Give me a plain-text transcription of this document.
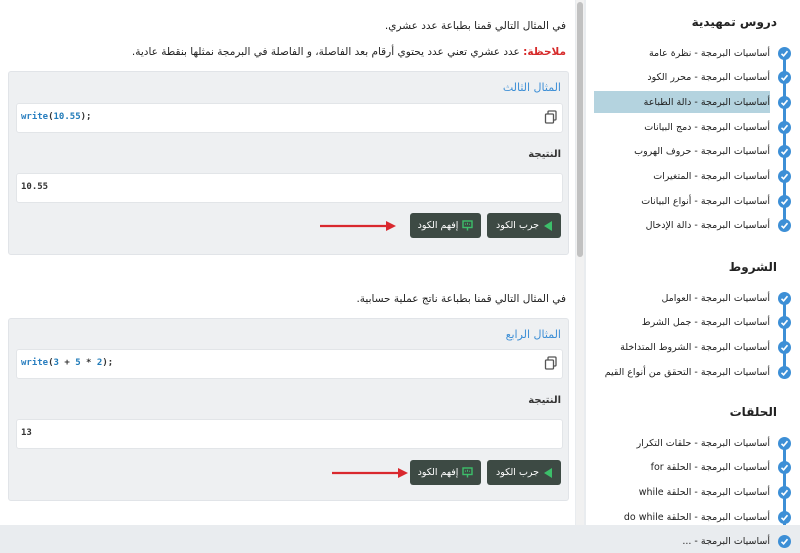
في المثال التالي قمنا بطباعة عدد عشري.
ملاحظة: عدد عشري تعني عدد يحتوي أرقام بعد الفاصلة، و الفاصلة في البرمجة نمثلها بنقطة عادية.
المثال الثالث
write(10.55);
النتيجة
10.55
جرب الكود
إفهم الكود
في المثال التالي قمنا بطباعة ناتج عملية حسابية.
المثال الرابع
write(3 + 5 * 2);
النتيجة
13
جرب الكود
إفهم الكود
دروس تمهيدية
أساسيات البرمجة - نظرة عامة
أساسيات البرمجة - محرر الكود
أساسيات البرمجة - دالة الطباعة
أساسيات البرمجة - دمج البيانات
أساسيات البرمجة - حروف الهروب
أساسيات البرمجة - المتغيرات
أساسيات البرمجة - أنواع البيانات
أساسيات البرمجة - دالة الإدخال
الشروط
أساسيات البرمجة - العوامل
أساسيات البرمجة - جمل الشرط
أساسيات البرمجة - الشروط المتداخلة
أساسيات البرمجة - التحقق من أنواع القيم
الحلقات
أساسيات البرمجة - حلقات التكرار
أساسيات البرمجة - الحلقة for
أساسيات البرمجة - الحلقة while
أساسيات البرمجة - الحلقة do while
أساسيات البرمجة - ...
